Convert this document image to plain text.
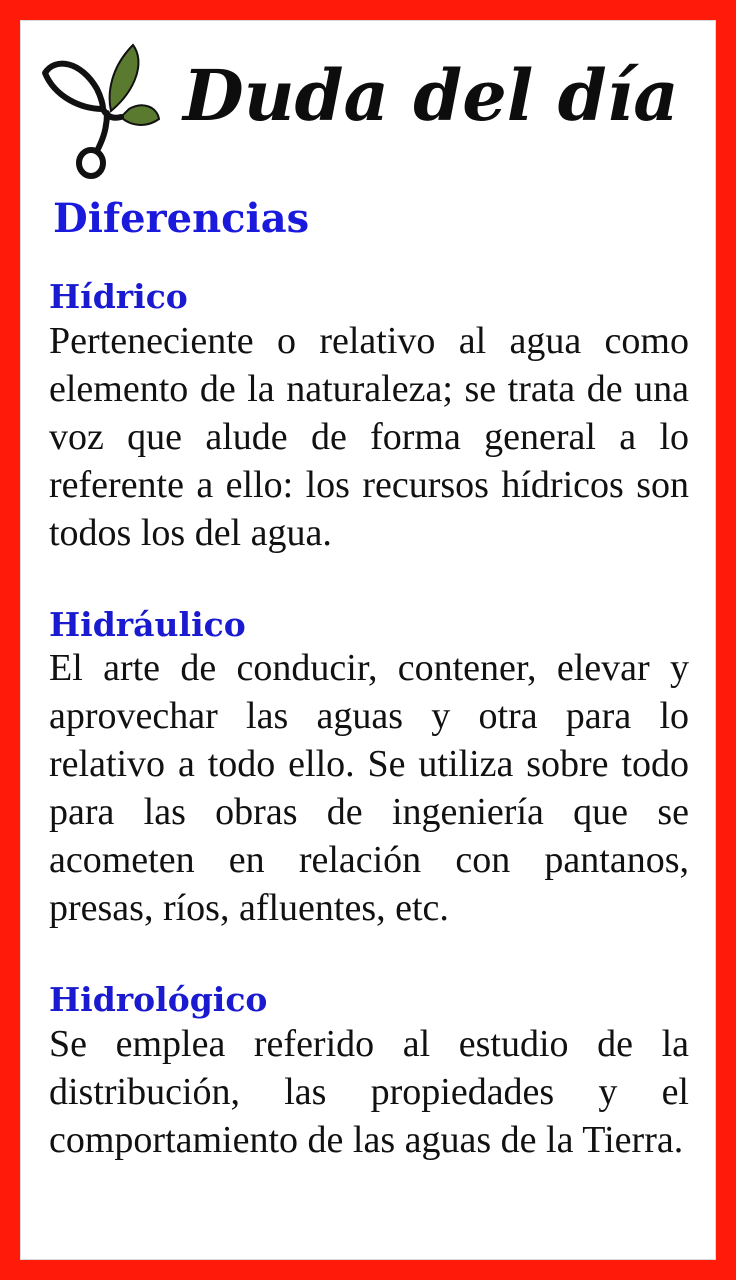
Duda del día
Diferencias
Hídrico

Perteneciente o relativo al agua como elemento de la naturaleza; se trata de una voz que alude de forma general a lo referente a ello: los recursos hídricos son todos los del agua.

Hidráulico

El arte de conducir, contener, elevar y aprovechar las aguas y otra para lo relativo a todo ello. Se utiliza sobre todo para las obras de ingeniería que se acometen en relación con pantanos, presas, ríos, afluentes, etc.

Hidrológico

Se emplea referido al estudio de la distribución, las propiedades y el comportamiento de las aguas de la Tierra.
